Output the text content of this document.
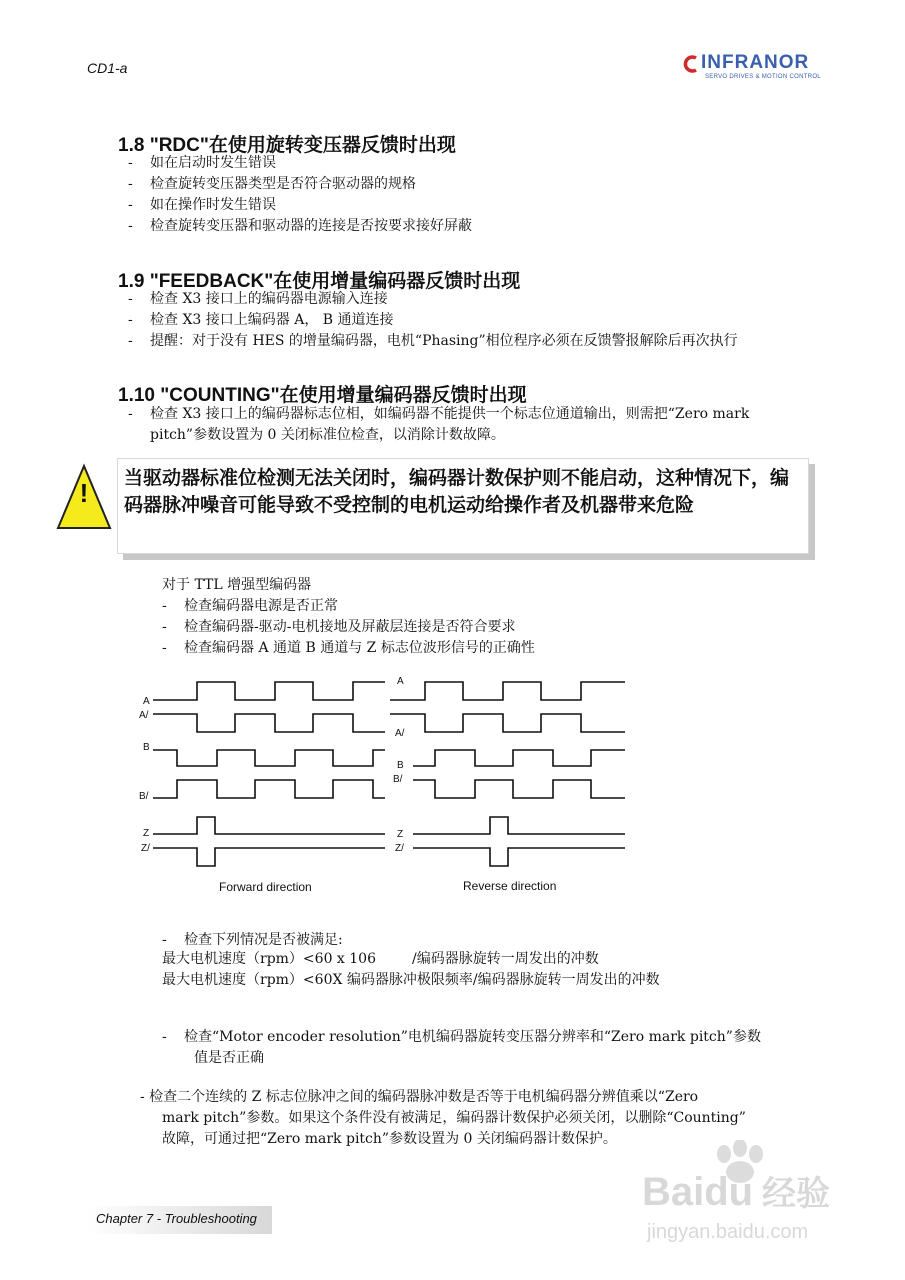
CD1-a	INFRANOR
SERVO DRIVES & MOTION CONTROL
1.8 "RDC"在使用旋转变压器反馈时出现
- 如在启动时发生错误
- 检查旋转变压器类型是否符合驱动器的规格
- 如在操作时发生错误
- 检查旋转变压器和驱动器的连接是否按要求接好屏蔽
1.9 "FEEDBACK"在使用增量编码器反馈时出现
- 检查 X3 接口上的编码器电源输入连接
- 检查 X3 接口上编码器 A， B 通道连接
- 提醒：对于没有 HES 的增量编码器，电机“Phasing”相位程序必须在反馈警报解除后再次执行
1.10 "COUNTING"在使用增量编码器反馈时出现
- 检查 X3 接口上的编码器标志位相，如编码器不能提供一个标志位通道输出，则需把“Zero mark
pitch”参数设置为 0 关闭标准位检查，以消除计数故障。
! 当驱动器标准位检测无法关闭时，编码器计数保护则不能启动，这种情况下，编码器脉冲噪音可能导致不受控制的电机运动给操作者及机器带来危险
对于 TTL 增强型编码器
- 检查编码器电源是否正常
- 检查编码器-驱动-电机接地及屏蔽层连接是否符合要求
- 检查编码器 A 通道 B 通道与 Z 标志位波形信号的正确性
A
A/
B
B/
Z
Z/
A
A/
B
B/
Z
Z/
Forward direction	Reverse direction
- 检查下列情况是否被满足:
最大电机速度（rpm）<60 x 106	/编码器脉旋转一周发出的冲数
最大电机速度（rpm）<60X 编码器脉冲极限频率/编码器脉旋转一周发出的冲数
- 检查“Motor encoder resolution”电机编码器旋转变压器分辨率和“Zero mark pitch”参数
值是否正确
- 检查二个连续的 Z 标志位脉冲之间的编码器脉冲数是否等于电机编码器分辨值乘以“Zero
mark pitch”参数。如果这个条件没有被满足，编码器计数保护必须关闭，以删除“Counting”
故障，可通过把“Zero mark pitch”参数设置为 0 关闭编码器计数保护。
Chapter 7 - Troubleshooting
Baidu 经验
jingyan.baidu.com
